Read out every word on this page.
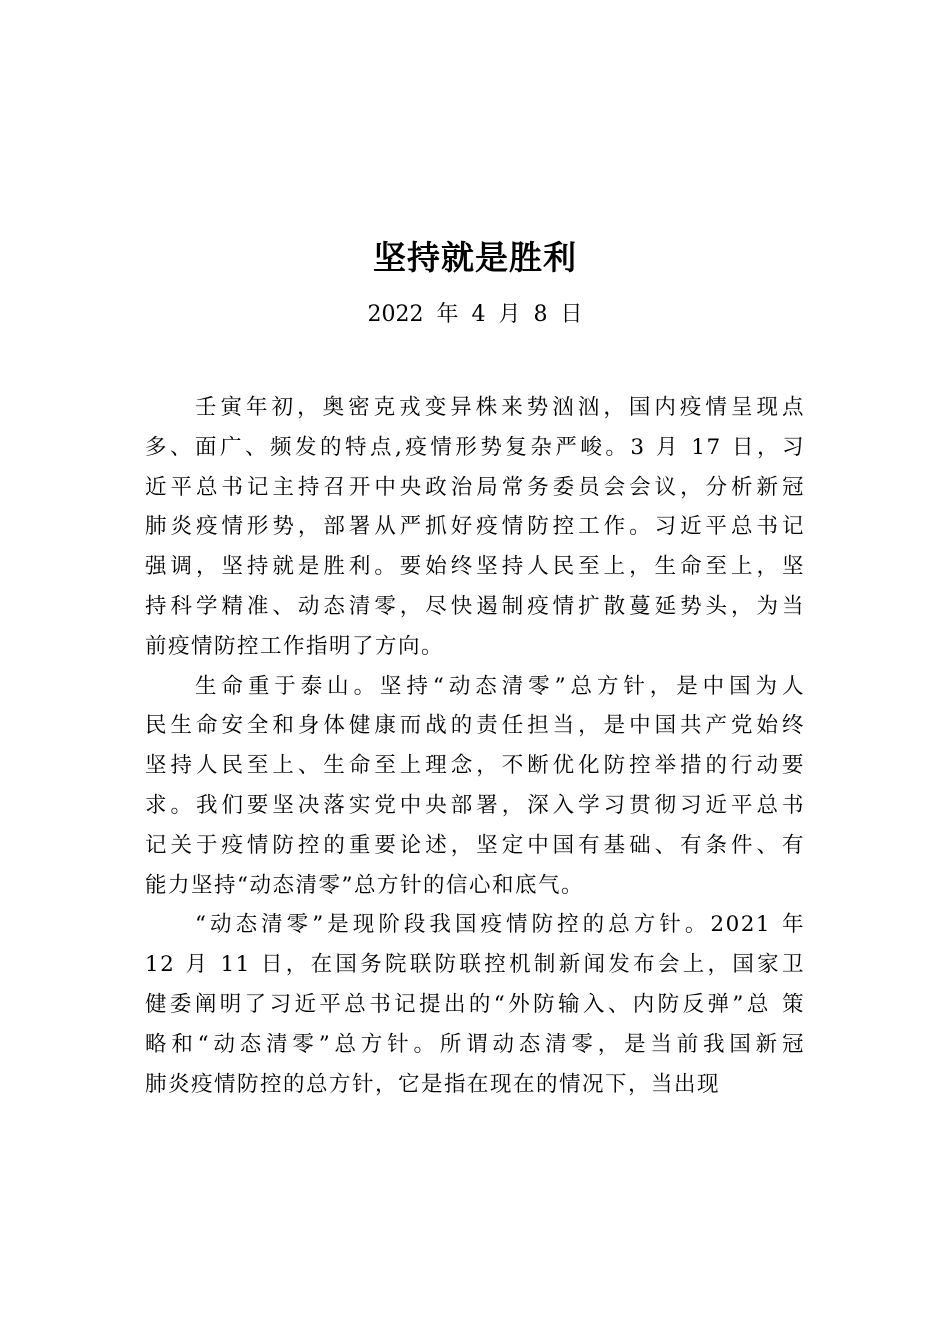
坚持就是胜利
2022 年 4 月 8 日
壬寅年初，奥密克戎变异株来势汹汹，国内疫情呈现点
多、面广、频发的特点,疫情形势复杂严峻。3 月 17 日，习
近平总书记主持召开中央政治局常务委员会会议，分析新冠
肺炎疫情形势，部署从严抓好疫情防控工作。习近平总书记
强调，坚持就是胜利。要始终坚持人民至上，生命至上，坚
持科学精准、动态清零，尽快遏制疫情扩散蔓延势头，为当
前疫情防控工作指明了方向。
生命重于泰山。坚持“动态清零”总方针，是中国为人
民生命安全和身体健康而战的责任担当，是中国共产党始终
坚持人民至上、生命至上理念，不断优化防控举措的行动要
求。我们要坚决落实党中央部署，深入学习贯彻习近平总书
记关于疫情防控的重要论述，坚定中国有基础、有条件、有
能力坚持“动态清零”总方针的信心和底气。
“动态清零”是现阶段我国疫情防控的总方针。2021 年
12 月 11 日，在国务院联防联控机制新闻发布会上，国家卫
健委阐明了习近平总书记提出的“外防输入、内防反弹”总 策
略和“动态清零”总方针。所谓动态清零，是当前我国新冠
肺炎疫情防控的总方针，它是指在现在的情况下，当出现
